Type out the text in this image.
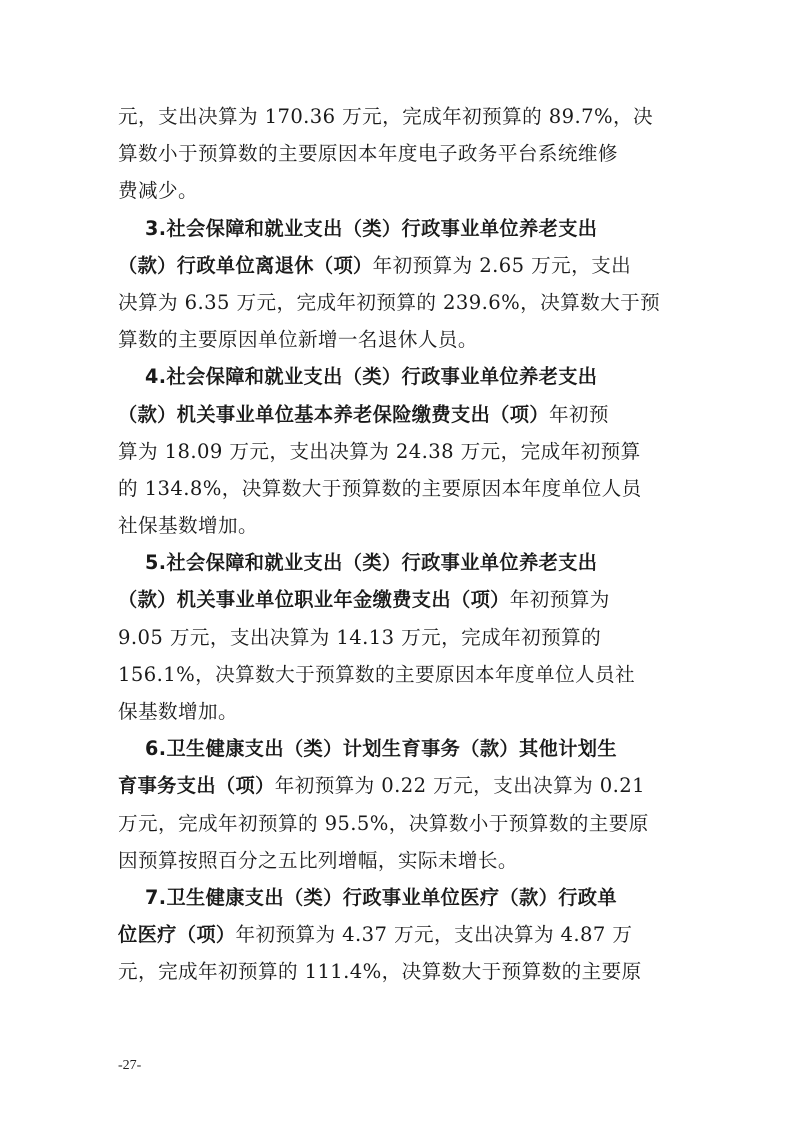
元，支出决算为 170.36 万元，完成年初预算的 89.7%，决
算数小于预算数的主要原因本年度电子政务平台系统维修
费减少。
3.社会保障和就业支出（类）行政事业单位养老支出
（款）行政单位离退休（项）年初预算为 2.65 万元，支出
决算为 6.35 万元，完成年初预算的 239.6%，决算数大于预
算数的主要原因单位新增一名退休人员。
4.社会保障和就业支出（类）行政事业单位养老支出
（款）机关事业单位基本养老保险缴费支出（项）年初预
算为 18.09 万元，支出决算为 24.38 万元，完成年初预算
的 134.8%，决算数大于预算数的主要原因本年度单位人员
社保基数增加。
5.社会保障和就业支出（类）行政事业单位养老支出
（款）机关事业单位职业年金缴费支出（项）年初预算为
9.05 万元，支出决算为 14.13 万元，完成年初预算的
156.1%，决算数大于预算数的主要原因本年度单位人员社
保基数增加。
6.卫生健康支出（类）计划生育事务（款）其他计划生
育事务支出（项）年初预算为 0.22 万元，支出决算为 0.21
万元，完成年初预算的 95.5%，决算数小于预算数的主要原
因预算按照百分之五比列增幅，实际未增长。
7.卫生健康支出（类）行政事业单位医疗（款）行政单
位医疗（项）年初预算为 4.37 万元，支出决算为 4.87 万
元，完成年初预算的 111.4%，决算数大于预算数的主要原
-27-
